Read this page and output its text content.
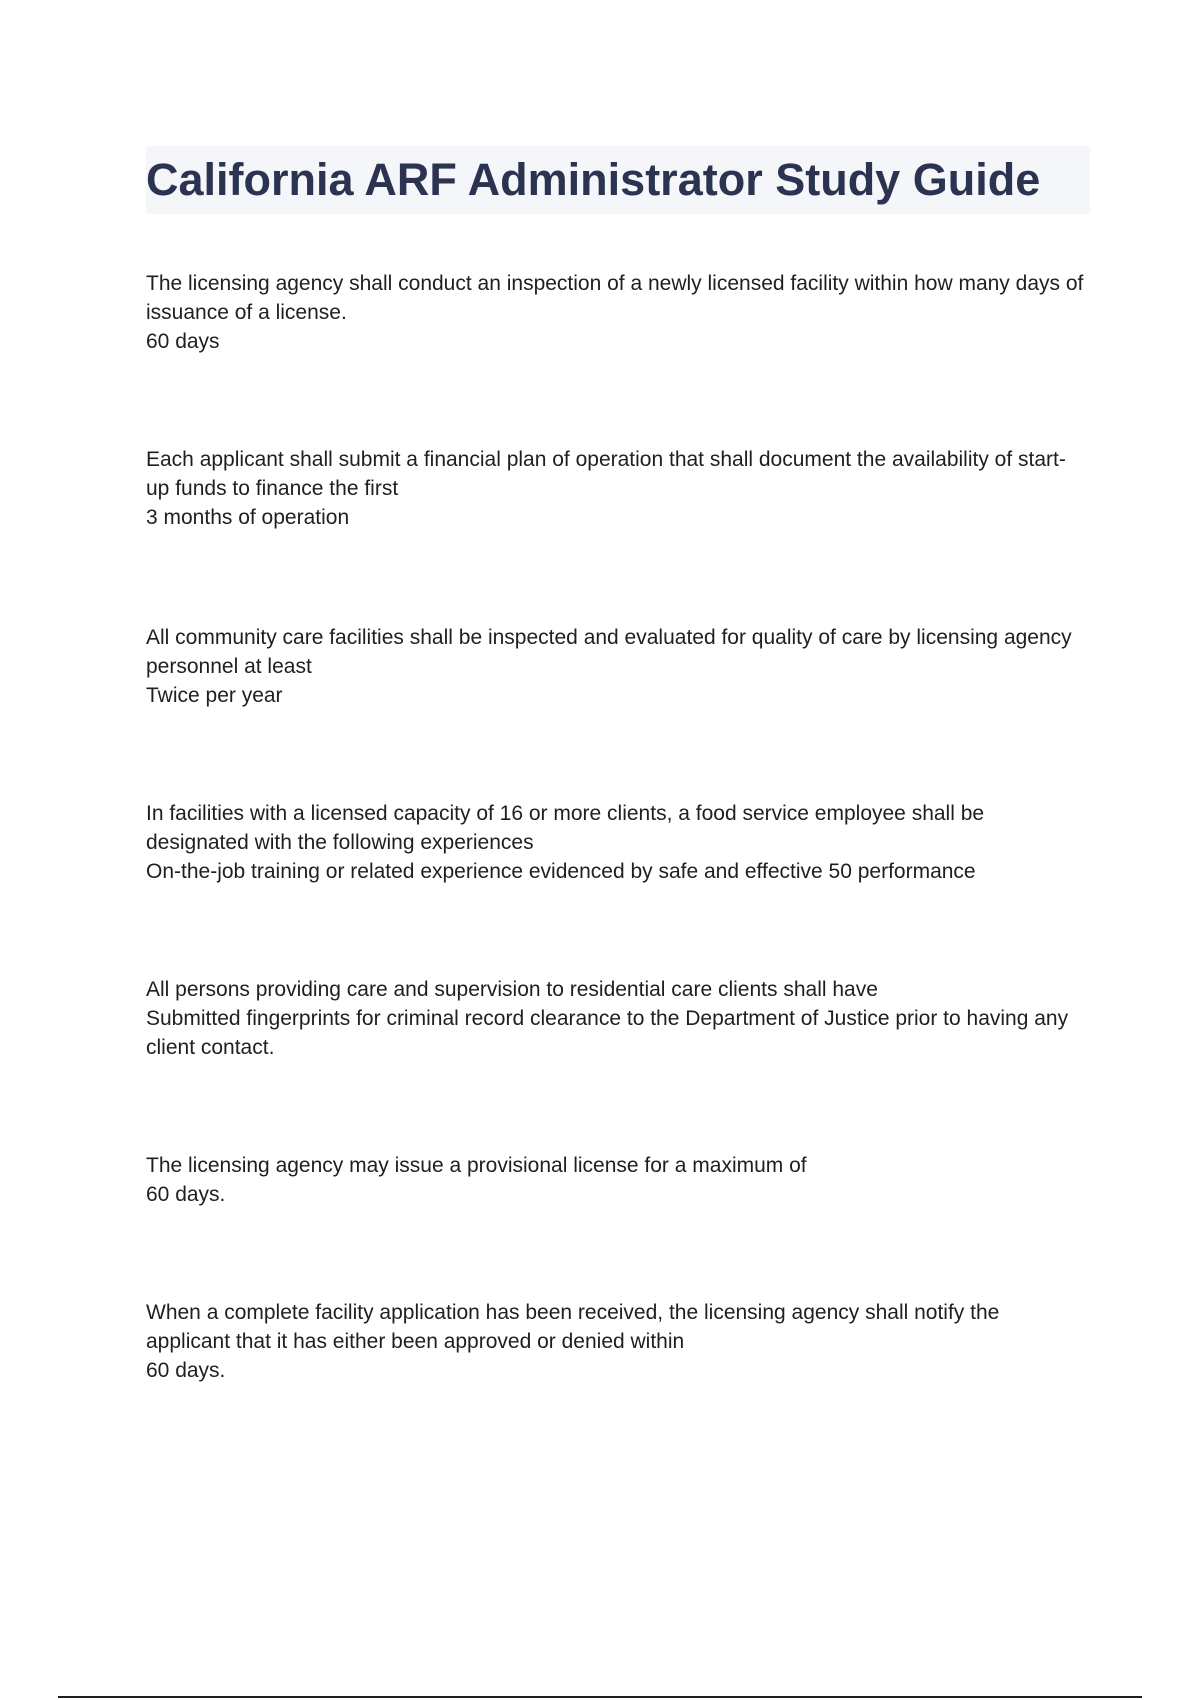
California ARF Administrator Study Guide

The licensing agency shall conduct an inspection of a newly licensed facility within how many days of issuance of a license.

60 days

Each applicant shall submit a financial plan of operation that shall document the availability of start-up funds to finance the first

3 months of operation

All community care facilities shall be inspected and evaluated for quality of care by licensing agency personnel at least

Twice per year

In facilities with a licensed capacity of 16 or more clients, a food service employee shall be designated with the following experiences

On-the-job training or related experience evidenced by safe and effective 50 performance

All persons providing care and supervision to residential care clients shall have

Submitted fingerprints for criminal record clearance to the Department of Justice prior to having any client contact.

The licensing agency may issue a provisional license for a maximum of

60 days.

When a complete facility application has been received, the licensing agency shall notify the applicant that it has either been approved or denied within

60 days.
